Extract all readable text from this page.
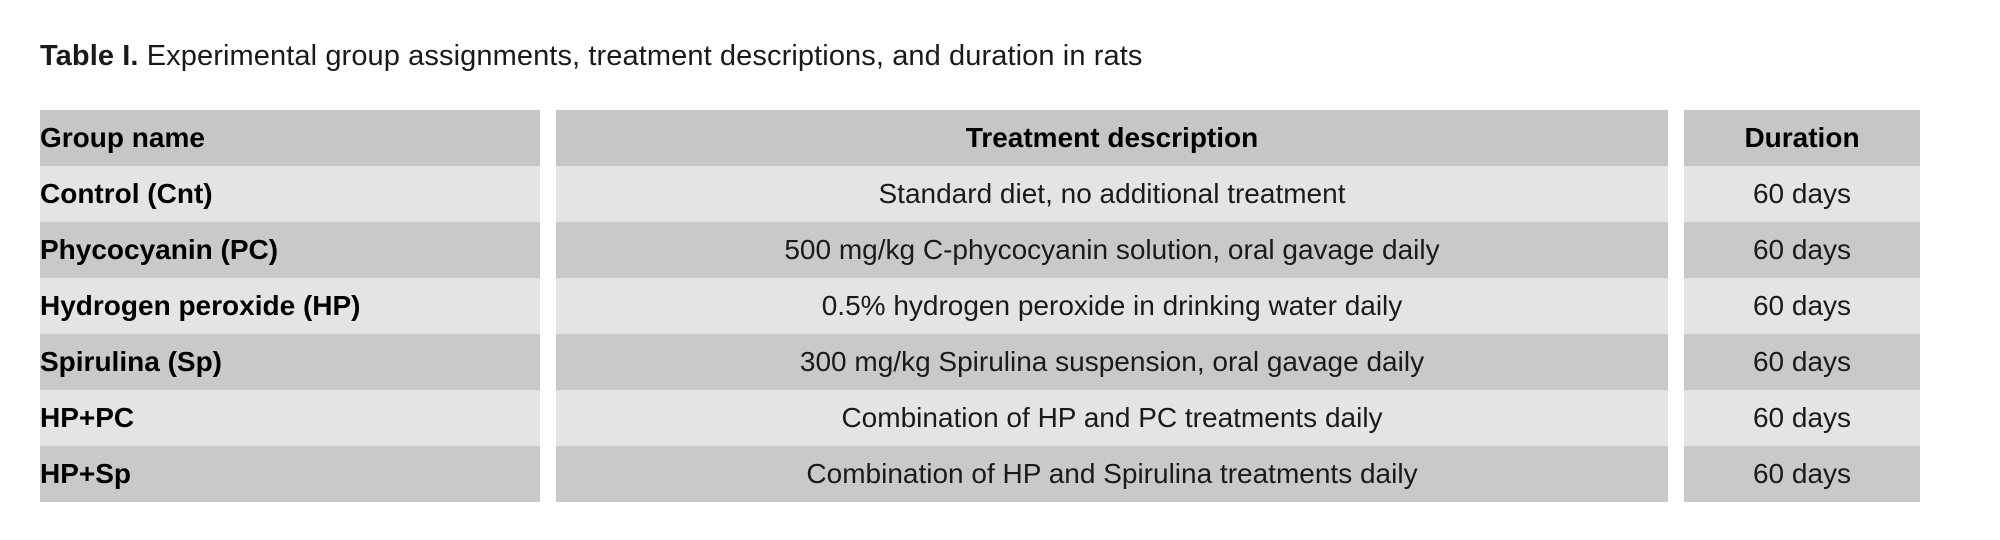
Table I. Experimental group assignments, treatment descriptions, and duration in rats

Group name		Treatment description		Duration
Control (Cnt)		Standard diet, no additional treatment		60 days
Phycocyanin (PC)		500 mg/kg C-phycocyanin solution, oral gavage daily		60 days
Hydrogen peroxide (HP)		0.5% hydrogen peroxide in drinking water daily		60 days
Spirulina (Sp)		300 mg/kg Spirulina suspension, oral gavage daily		60 days
HP+PC		Combination of HP and PC treatments daily		60 days
HP+Sp		Combination of HP and Spirulina treatments daily		60 days
